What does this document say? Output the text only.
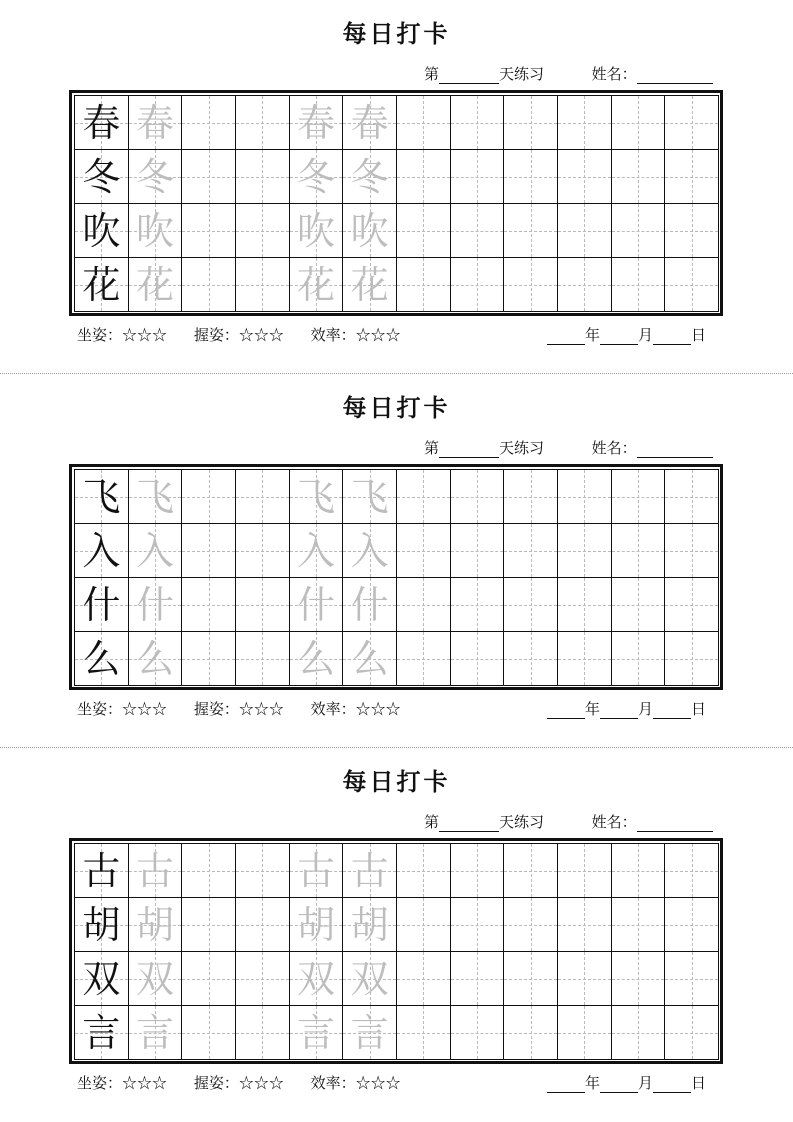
每日打卡
第	天练习	姓名：
春 春	春 春
冬 冬	冬 冬
吹 吹	吹 吹
花 花	花 花
坐姿：☆☆☆ 握姿：☆☆☆ 效率：☆☆☆	年	月	日
每日打卡
第	天练习	姓名：
飞 飞	飞 飞
入 入	入 入
什 什	什 什
么 么	么 么
坐姿：☆☆☆ 握姿：☆☆☆ 效率：☆☆☆	年	月	日
每日打卡
第	天练习	姓名：
古 古	古 古
胡 胡	胡 胡
双 双	双 双
言 言	言 言
坐姿：☆☆☆ 握姿：☆☆☆ 效率：☆☆☆	年	月	日
